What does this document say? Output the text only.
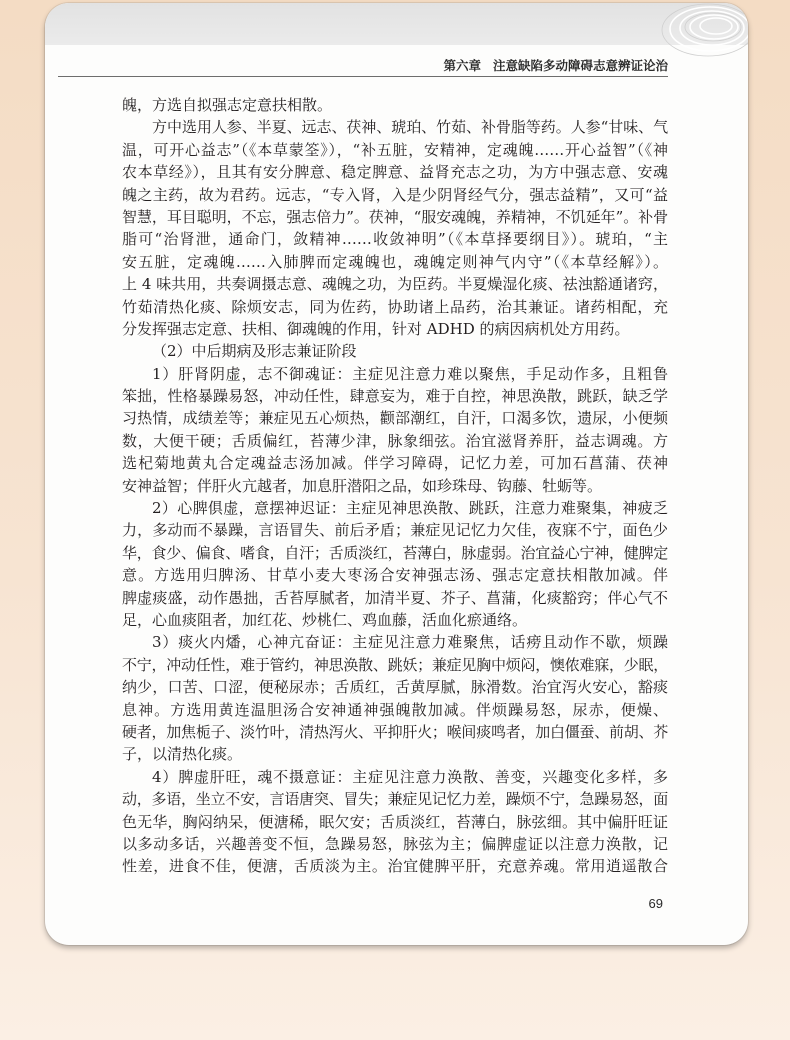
第六章 注意缺陷多动障碍志意辨证论治
魄，方选自拟强志定意扶相散。
方中选用人参、半夏、远志、茯神、琥珀、竹茹、补骨脂等药。人参“甘味、气
温，可开心益志”（《本草蒙筌》），“补五脏，安精神，定魂魄……开心益智”（《神
农本草经》），且其有安分脾意、稳定脾意、益肾充志之功，为方中强志意、安魂
魄之主药，故为君药。远志，“专入肾，入是少阴肾经气分，强志益精”，又可“益
智慧，耳目聪明，不忘，强志倍力”。茯神，“服安魂魄，养精神，不饥延年”。补骨
脂可“治肾泄，通命门，敛精神……收敛神明”（《本草择要纲目》）。琥珀，“主
安五脏，定魂魄……入肺脾而定魂魄也，魂魄定则神气内守”（《本草经解》）。
上 4 味共用，共奏调摄志意、魂魄之功，为臣药。半夏燥湿化痰、祛浊豁通诸窍，
竹茹清热化痰、除烦安志，同为佐药，协助诸上品药，治其兼证。诸药相配，充
分发挥强志定意、扶相、御魂魄的作用，针对 ADHD 的病因病机处方用药。
（2）中后期病及形志兼证阶段
1）肝肾阴虚，志不御魂证：主症见注意力难以聚焦，手足动作多，且粗鲁
笨拙，性格暴躁易怒，冲动任性，肆意妄为，难于自控，神思涣散，跳跃，缺乏学
习热情，成绩差等；兼症见五心烦热，颧部潮红，自汗，口渴多饮，遗尿，小便频
数，大便干硬；舌质偏红，苔薄少津，脉象细弦。治宜滋肾养肝，益志调魂。方
选杞菊地黄丸合定魂益志汤加减。伴学习障碍，记忆力差，可加石菖蒲、茯神
安神益智；伴肝火亢越者，加息肝潜阳之品，如珍珠母、钩藤、牡蛎等。
2）心脾俱虚，意摆神迟证：主症见神思涣散、跳跃，注意力难聚集，神疲乏
力，多动而不暴躁，言语冒失、前后矛盾；兼症见记忆力欠佳，夜寐不宁，面色少
华，食少、偏食、嗜食，自汗；舌质淡红，苔薄白，脉虚弱。治宜益心宁神，健脾定
意。方选用归脾汤、甘草小麦大枣汤合安神强志汤、强志定意扶相散加减。伴
脾虚痰盛，动作愚拙，舌苔厚腻者，加清半夏、芥子、菖蒲，化痰豁窍；伴心气不
足，心血痰阻者，加红花、炒桃仁、鸡血藤，活血化瘀通络。
3）痰火内燔，心神亢奋证：主症见注意力难聚焦，话痨且动作不歇，烦躁
不宁，冲动任性，难于管约，神思涣散、跳妖；兼症见胸中烦闷，懊侬难寐，少眠，
纳少，口苦、口涩，便秘尿赤；舌质红，舌黄厚腻，脉滑数。治宜泻火安心，豁痰
息神。方选用黄连温胆汤合安神通神强魄散加减。伴烦躁易怒，尿赤，便燥、
硬者，加焦栀子、淡竹叶，清热泻火、平抑肝火；喉间痰鸣者，加白僵蚕、前胡、芥
子，以清热化痰。
4）脾虚肝旺，魂不摄意证：主症见注意力涣散、善变，兴趣变化多样，多
动，多语，坐立不安，言语唐突、冒失；兼症见记忆力差，躁烦不宁，急躁易怒，面
色无华，胸闷纳呆，便溏稀，眠欠安；舌质淡红，苔薄白，脉弦细。其中偏肝旺证
以多动多话，兴趣善变不恒，急躁易怒，脉弦为主；偏脾虚证以注意力涣散，记
性差，进食不佳，便溏，舌质淡为主。治宜健脾平肝，充意养魂。常用逍遥散合
69
